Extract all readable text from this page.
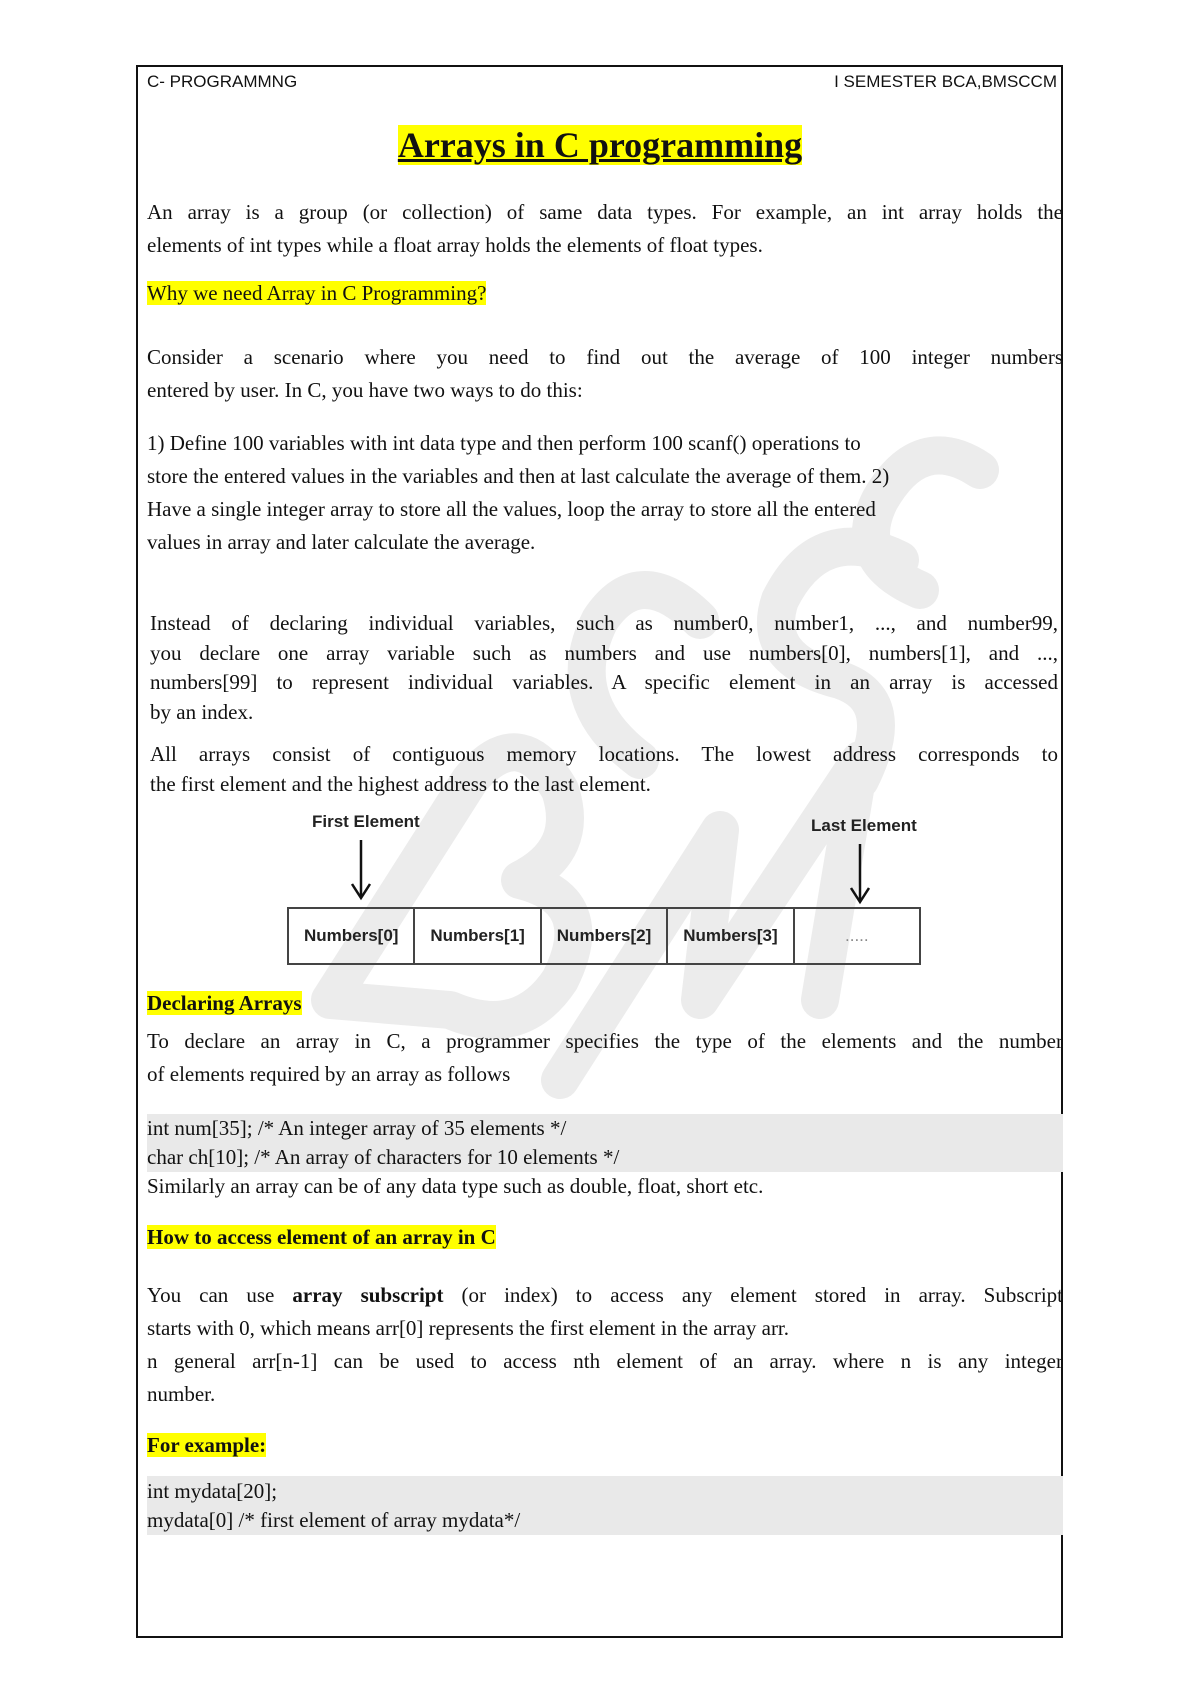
C- PROGRAMMNG	I SEMESTER BCA,BMSCCM
Arrays in C programming
An array is a group (or collection) of same data types. For example, an int array holds the
elements of int types while a float array holds the elements of float types.
Why we need Array in C Programming?
Consider a scenario where you need to find out the average of 100 integer numbers
entered by user. In C, you have two ways to do this:
1) Define 100 variables with int data type and then perform 100 scanf() operations to
store the entered values in the variables and then at last calculate the average of them. 2)
Have a single integer array to store all the values, loop the array to store all the entered
values in array and later calculate the average.
Instead of declaring individual variables, such as number0, number1, ..., and number99,
you declare one array variable such as numbers and use numbers[0], numbers[1], and ...,
numbers[99] to represent individual variables. A specific element in an array is accessed
by an index.
All arrays consist of contiguous memory locations. The lowest address corresponds to
the first element and the highest address to the last element.
First Element	Last Element
Numbers[0]	Numbers[1]	Numbers[2]	Numbers[3]	.....
Declaring Arrays
To declare an array in C, a programmer specifies the type of the elements and the number
of elements required by an array as follows
int num[35]; /* An integer array of 35 elements */
char ch[10]; /* An array of characters for 10 elements */
Similarly an array can be of any data type such as double, float, short etc.
How to access element of an array in C
You can use array subscript (or index) to access any element stored in array. Subscript
starts with 0, which means arr[0] represents the first element in the array arr.
n general arr[n-1] can be used to access nth element of an array. where n is any integer
number.
For example:
int mydata[20];
mydata[0] /* first element of array mydata*/
